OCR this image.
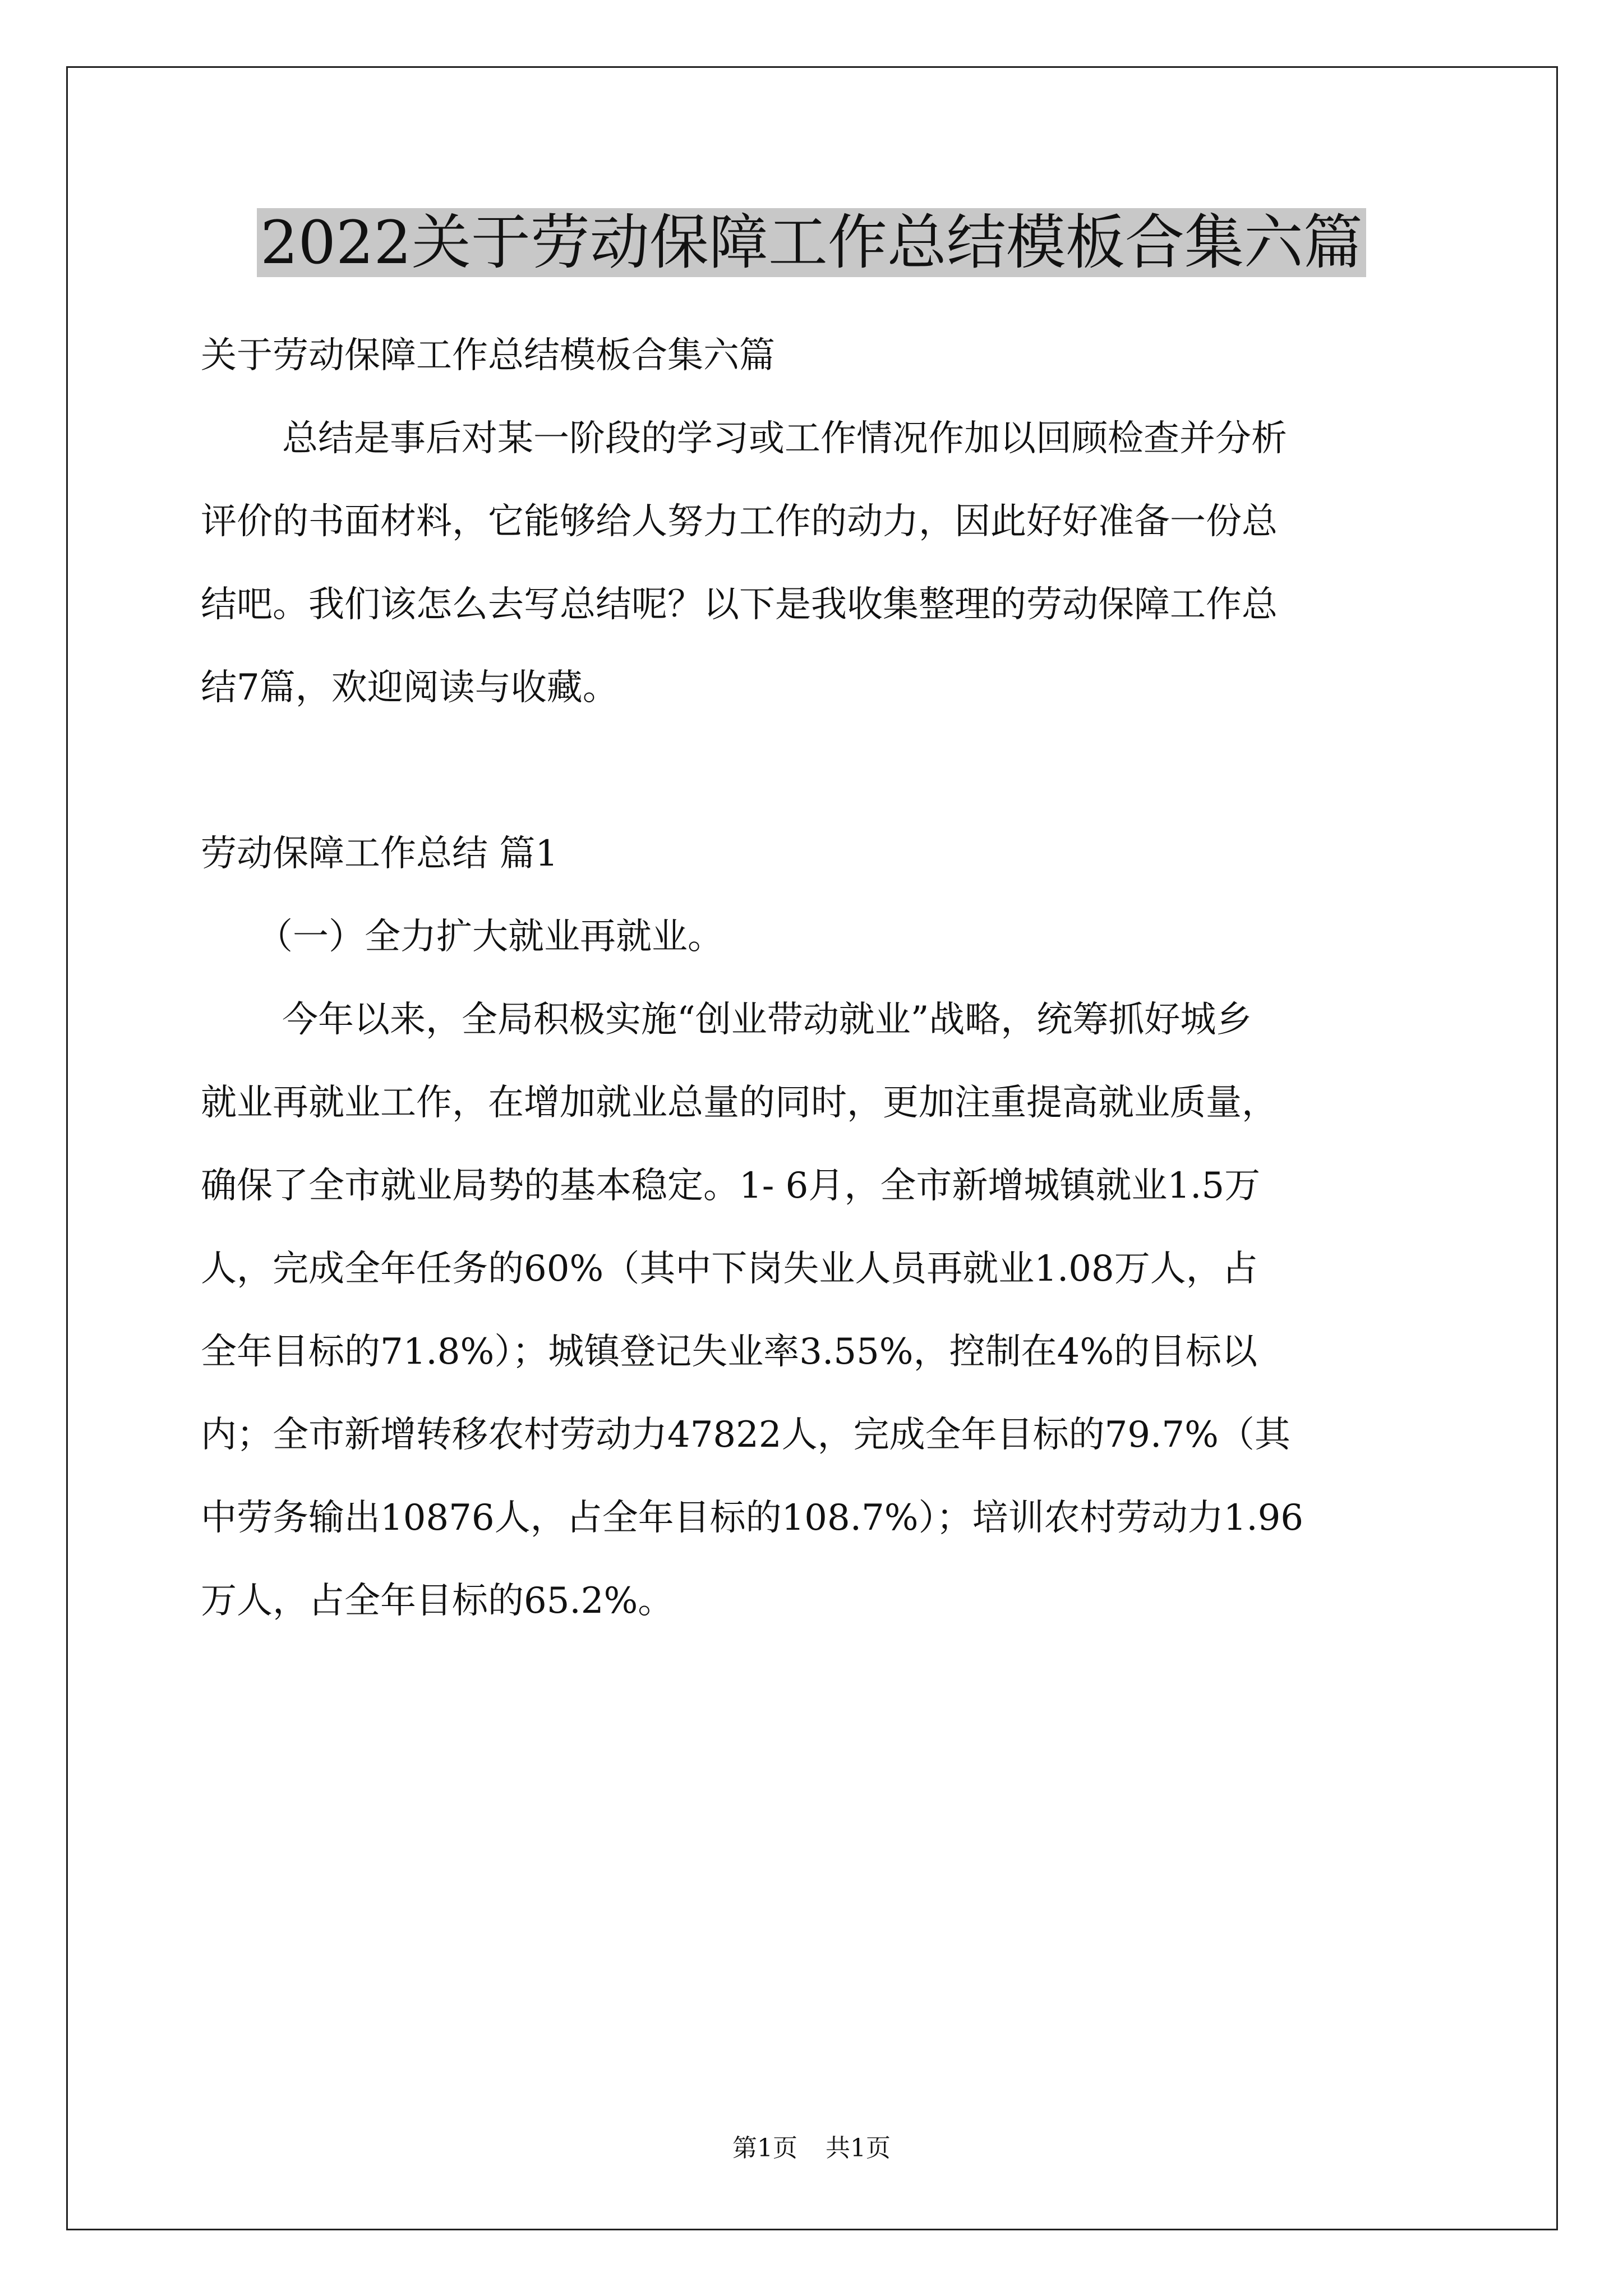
2022关于劳动保障工作总结模板合集六篇

关于劳动保障工作总结模板合集六篇

总结是事后对某一阶段的学习或工作情况作加以回顾检查并分析

评价的书面材料，它能够给人努力工作的动力，因此好好准备一份总

结吧。我们该怎么去写总结呢？以下是我收集整理的劳动保障工作总

结7篇，欢迎阅读与收藏。

劳动保障工作总结 篇1

（一）全力扩大就业再就业。

今年以来，全局积极实施“创业带动就业”战略，统筹抓好城乡

就业再就业工作，在增加就业总量的同时，更加注重提高就业质量，

确保了全市就业局势的基本稳定。1- 6月，全市新增城镇就业1.5万

人，完成全年任务的60%（其中下岗失业人员再就业1.08万人，占

全年目标的71.8%）；城镇登记失业率3.55%，控制在4%的目标以

内；全市新增转移农村劳动力47822人，完成全年目标的79.7%（其

中劳务输出10876人，占全年目标的108.7%）；培训农村劳动力1.96

万人，占全年目标的65.2%。

第1页 共1页
